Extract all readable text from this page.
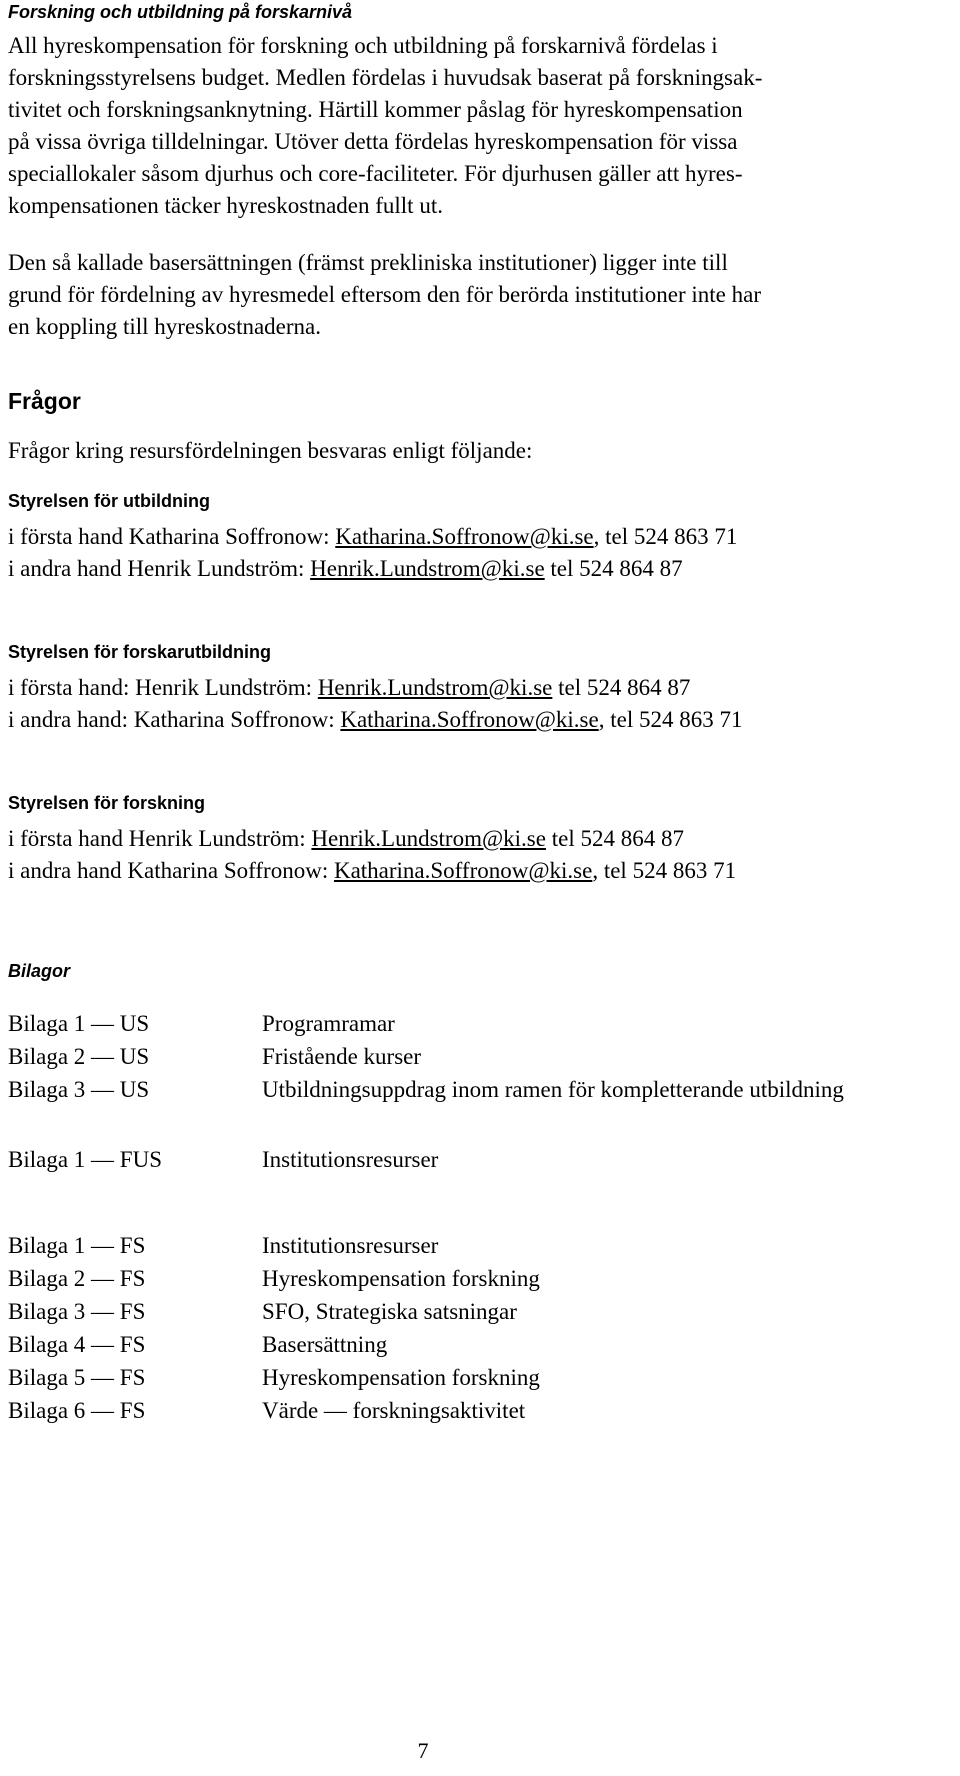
Forskning och utbildning på forskarnivå
All hyreskompensation för forskning och utbildning på forskarnivå fördelas i
forskningsstyrelsens budget. Medlen fördelas i huvudsak baserat på forskningsak-
tivitet och forskningsanknytning. Härtill kommer påslag för hyreskompensation
på vissa övriga tilldelningar. Utöver detta fördelas hyreskompensation för vissa
speciallokaler såsom djurhus och core-faciliteter. För djurhusen gäller att hyres-
kompensationen täcker hyreskostnaden fullt ut.
Den så kallade basersättningen (främst prekliniska institutioner) ligger inte till
grund för fördelning av hyresmedel eftersom den för berörda institutioner inte har
en koppling till hyreskostnaderna.
Frågor

Frågor kring resursfördelningen besvaras enligt följande:

Styrelsen för utbildning
i första hand Katharina Soffronow: Katharina.Soffronow@ki.se, tel 524 863 71
i andra hand Henrik Lundström: Henrik.Lundstrom@ki.se tel 524 864 87
Styrelsen för forskarutbildning
i första hand: Henrik Lundström: Henrik.Lundstrom@ki.se tel 524 864 87
i andra hand: Katharina Soffronow: Katharina.Soffronow@ki.se, tel 524 863 71
Styrelsen för forskning
i första hand Henrik Lundström: Henrik.Lundstrom@ki.se tel 524 864 87
i andra hand Katharina Soffronow: Katharina.Soffronow@ki.se, tel 524 863 71
Bilagor
Bilaga 1 — US	Programramar
Bilaga 2 — US	Fristående kurser
Bilaga 3 — US	Utbildningsuppdrag inom ramen för kompletterande utbildning
Bilaga 1 — FUS	Institutionsresurser
Bilaga 1 — FS	Institutionsresurser
Bilaga 2 — FS	Hyreskompensation forskning
Bilaga 3 — FS	SFO, Strategiska satsningar
Bilaga 4 — FS	Basersättning
Bilaga 5 — FS	Hyreskompensation forskning
Bilaga 6 — FS	Värde — forskningsaktivitet
7
